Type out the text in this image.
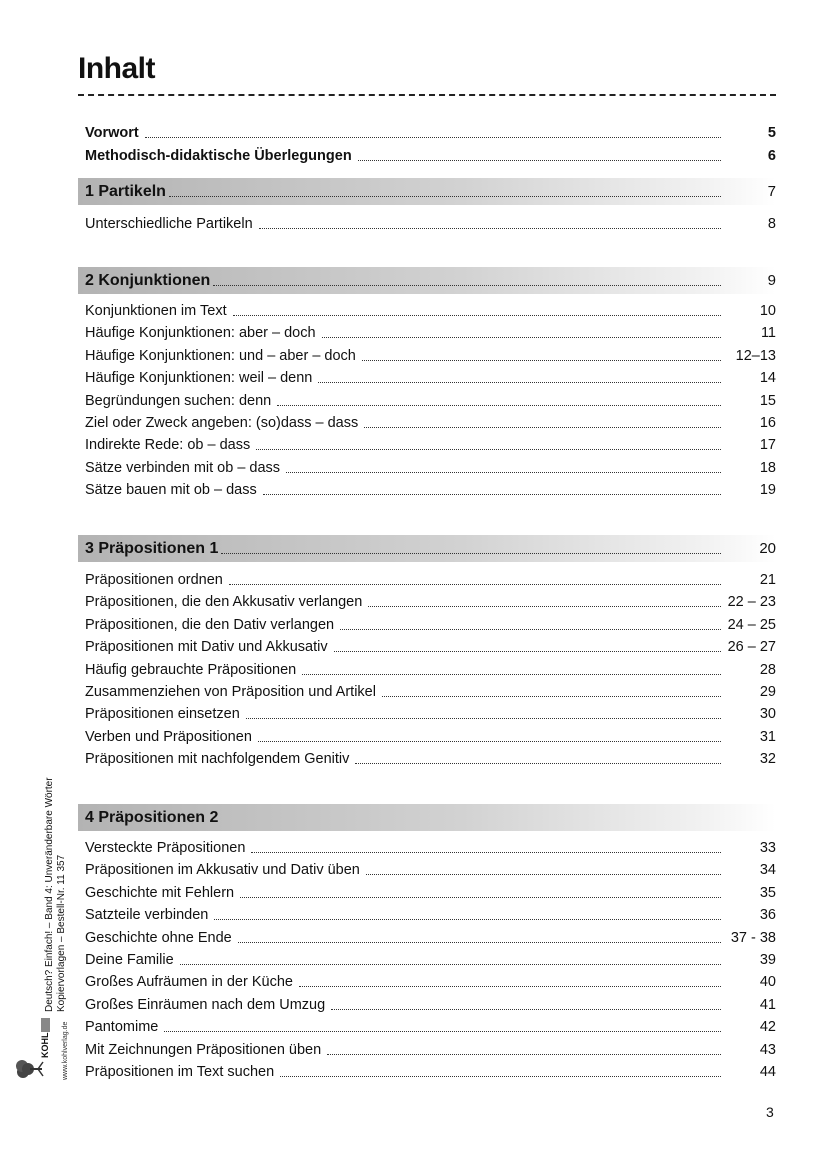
Inhalt
Vorwort	5
Methodisch-didaktische Überlegungen	6
1 Partikeln	7
Unterschiedliche Partikeln	8
2 Konjunktionen	9
Konjunktionen im Text	10
Häufige Konjunktionen: aber – doch	11
Häufige Konjunktionen: und – aber – doch	12–13
Häufige Konjunktionen: weil – denn	14
Begründungen suchen: denn	15
Ziel oder Zweck angeben: (so)dass – dass	16
Indirekte Rede: ob – dass	17
Sätze verbinden mit ob – dass	18
Sätze bauen mit ob – dass	19
3 Präpositionen 1	20
Präpositionen ordnen	21
Präpositionen, die den Akkusativ verlangen	22 – 23
Präpositionen, die den Dativ verlangen	24 – 25
Präpositionen mit Dativ und Akkusativ	26 – 27
Häufig gebrauchte Präpositionen	28
Zusammenziehen von Präposition und Artikel	29
Präpositionen einsetzen	30
Verben und Präpositionen	31
Präpositionen mit nachfolgendem Genitiv	32
4 Präpositionen 2
Versteckte Präpositionen	33
Präpositionen im Akkusativ und Dativ üben	34
Geschichte mit Fehlern	35
Satzteile verbinden	36
Geschichte ohne Ende	37 - 38
Deine Familie	39
Großes Aufräumen in der Küche	40
Großes Einräumen nach dem Umzug	41
Pantomime	42
Mit Zeichnungen Präpositionen üben	43
Präpositionen im Text suchen	44
3
KOHL www.kohlverlag.de
Deutsch? Einfach! – Band 4: Unveränderbare Wörter Kopiervorlagen – Bestell-Nr. 11 357
